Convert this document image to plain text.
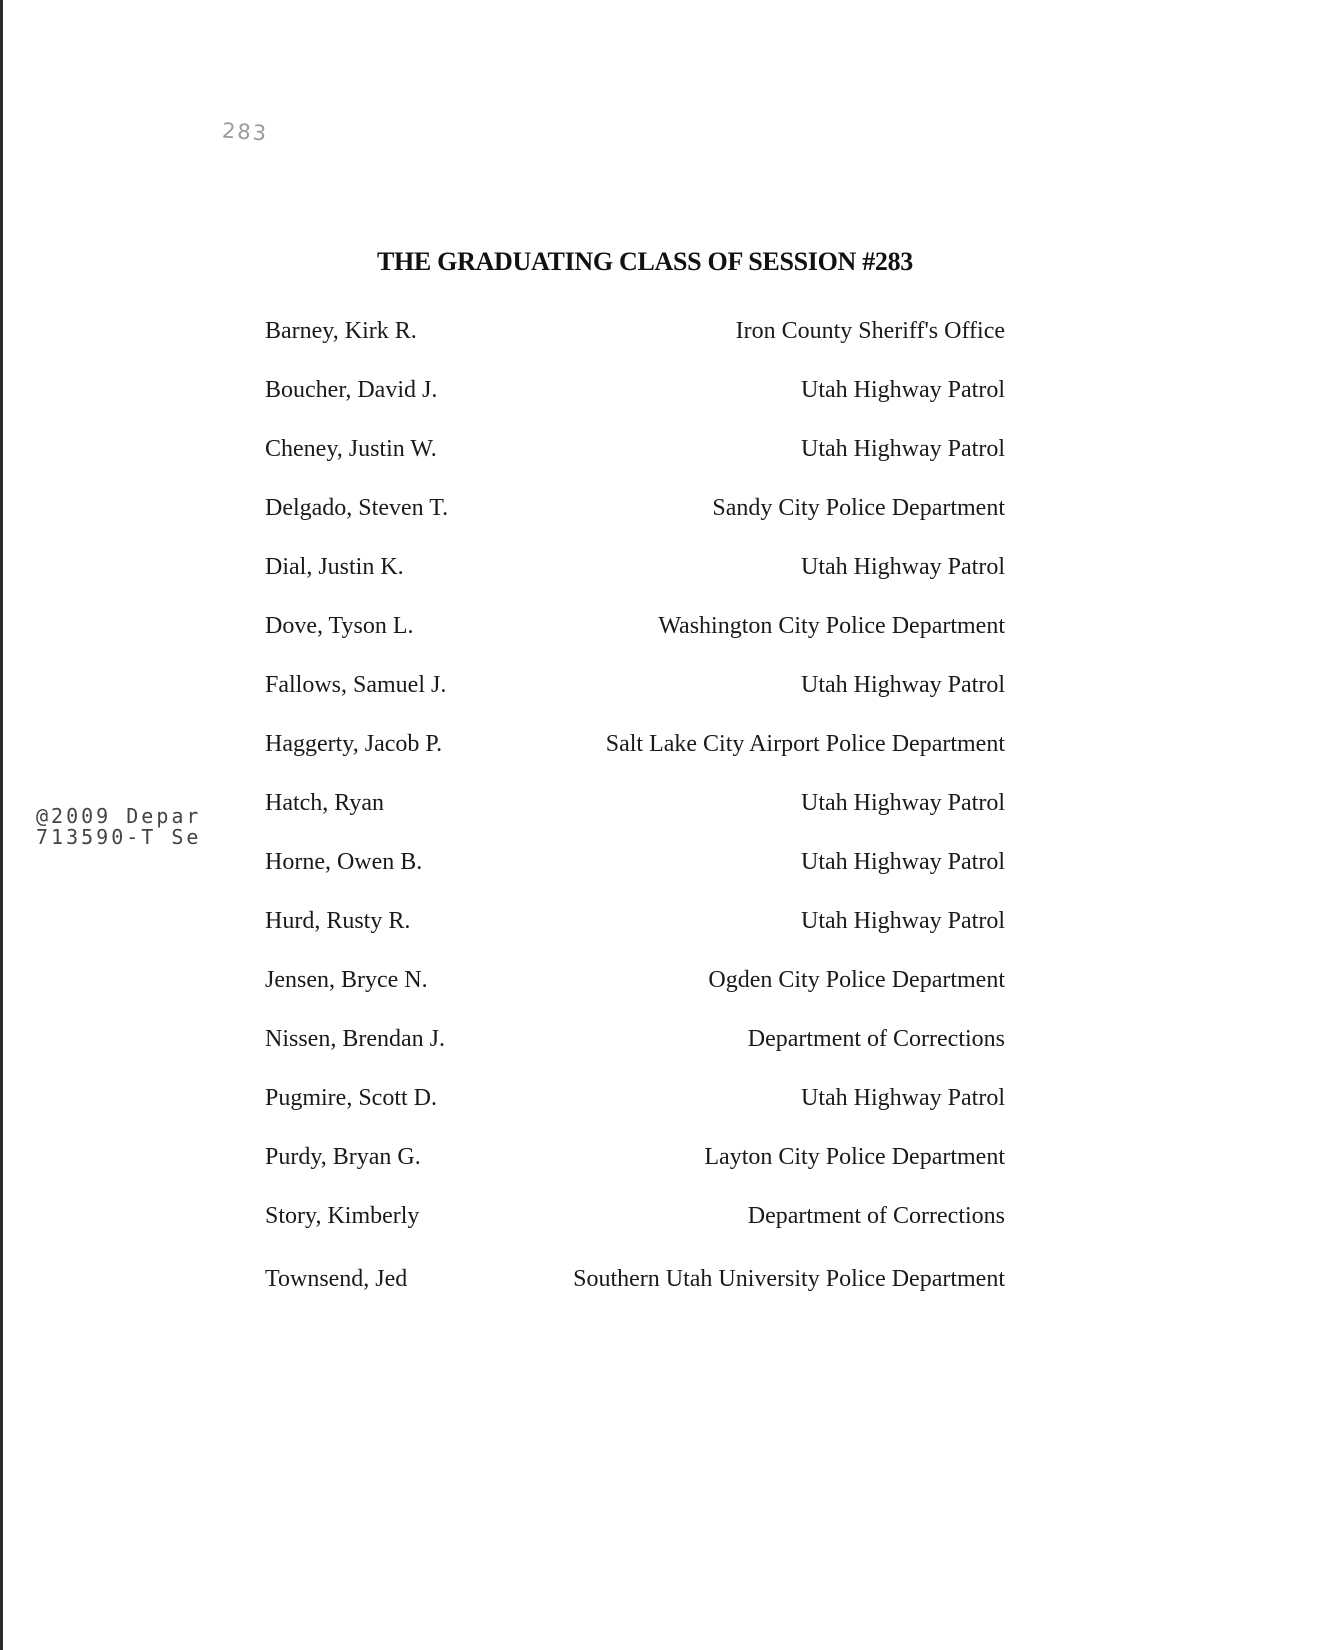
283
@2009 Depar
713590-T_Se
THE GRADUATING CLASS OF SESSION #283
Barney, Kirk R.	Iron County Sheriff's Office
Boucher, David J.	Utah Highway Patrol
Cheney, Justin W.	Utah Highway Patrol
Delgado, Steven T.	Sandy City Police Department
Dial, Justin K.	Utah Highway Patrol
Dove, Tyson L.	Washington City Police Department
Fallows, Samuel J.	Utah Highway Patrol
Haggerty, Jacob P.	Salt Lake City Airport Police Department
Hatch, Ryan	Utah Highway Patrol
Horne, Owen B.	Utah Highway Patrol
Hurd, Rusty R.	Utah Highway Patrol
Jensen, Bryce N.	Ogden City Police Department
Nissen, Brendan J.	Department of Corrections
Pugmire, Scott D.	Utah Highway Patrol
Purdy, Bryan G.	Layton City Police Department
Story, Kimberly	Department of Corrections
Townsend, Jed	Southern Utah University Police Department
